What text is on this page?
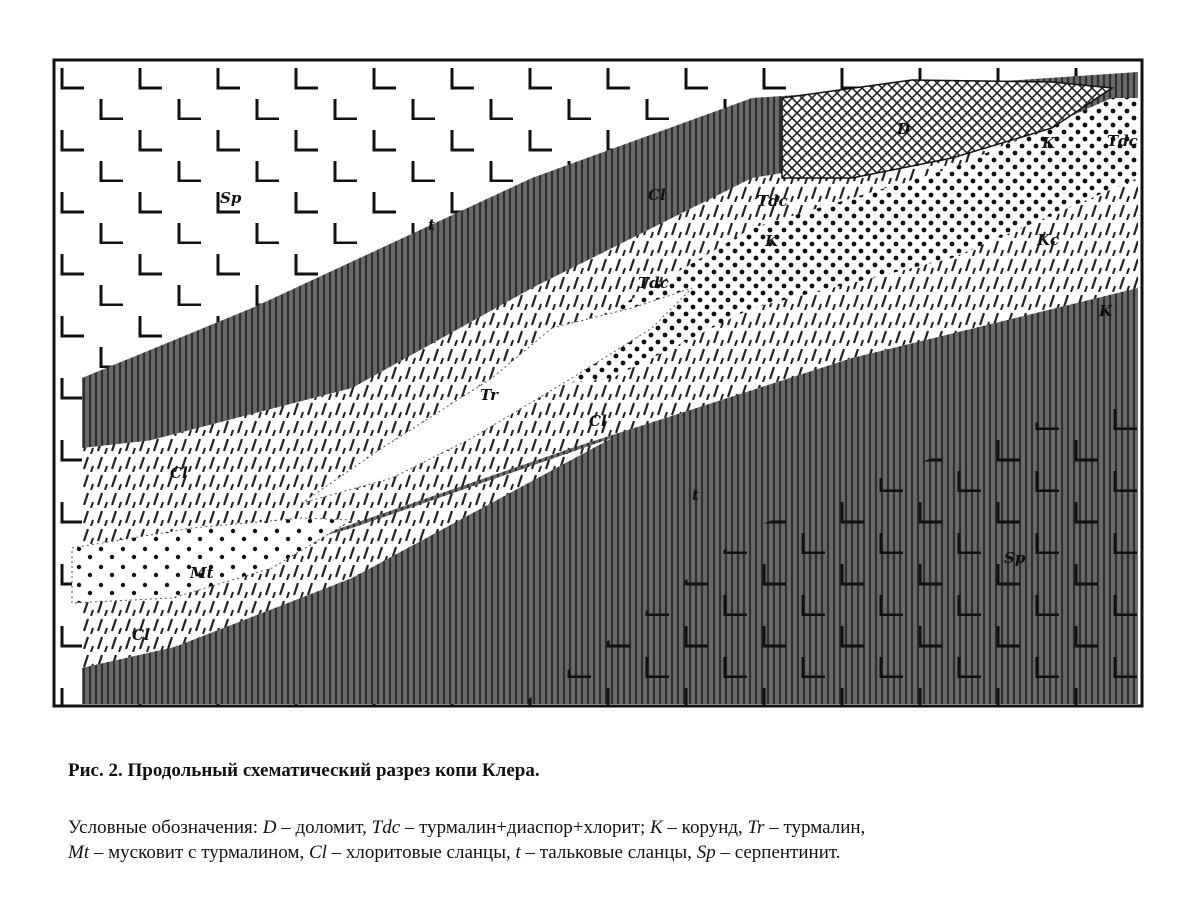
Sp
t
Cl
D
K	Tdc
Tdc
K	Kc
Tdc
K
Tr
Cl
Cl
t
Mt
Sp
Cl
Рис. 2. Продольный схематический разрез копи Клера.
Условные обозначения: D – доломит, Tdc – турмалин+диаспор+хлорит; K – корунд, Tr – турмалин,
Mt – мусковит с турмалином, Cl – хлоритовые сланцы, t – тальковые сланцы, Sp – серпентинит.
